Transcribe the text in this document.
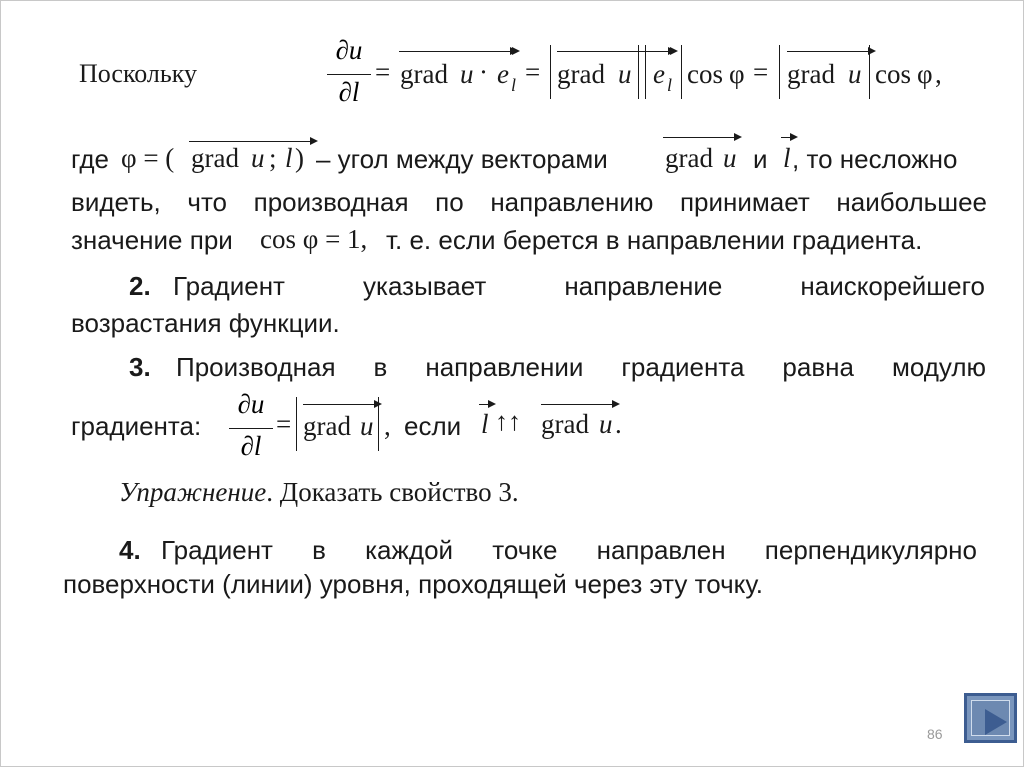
Поскольку
∂u
∂l
= grad u · e l = grad u e l cos φ = grad u cos φ ,
где φ = ( grad u ; l ) – угол между векторами grad u и l , то несложно
видеть, что производная по направлению принимает наибольшее
значение при cos φ = 1, т. е. если берется в направлении градиента.
2. Градиент указывает направление наискорейшего
возрастания функции.
3. Производная в направлении градиента равна модулю
градиента:
∂u
∂l
= grad u , если l ↑↑ grad u .
Упражнение. Доказать свойство 3.
4. Градиент в каждой точке направлен перпендикулярно
поверхности (линии) уровня, проходящей через эту точку.
86
